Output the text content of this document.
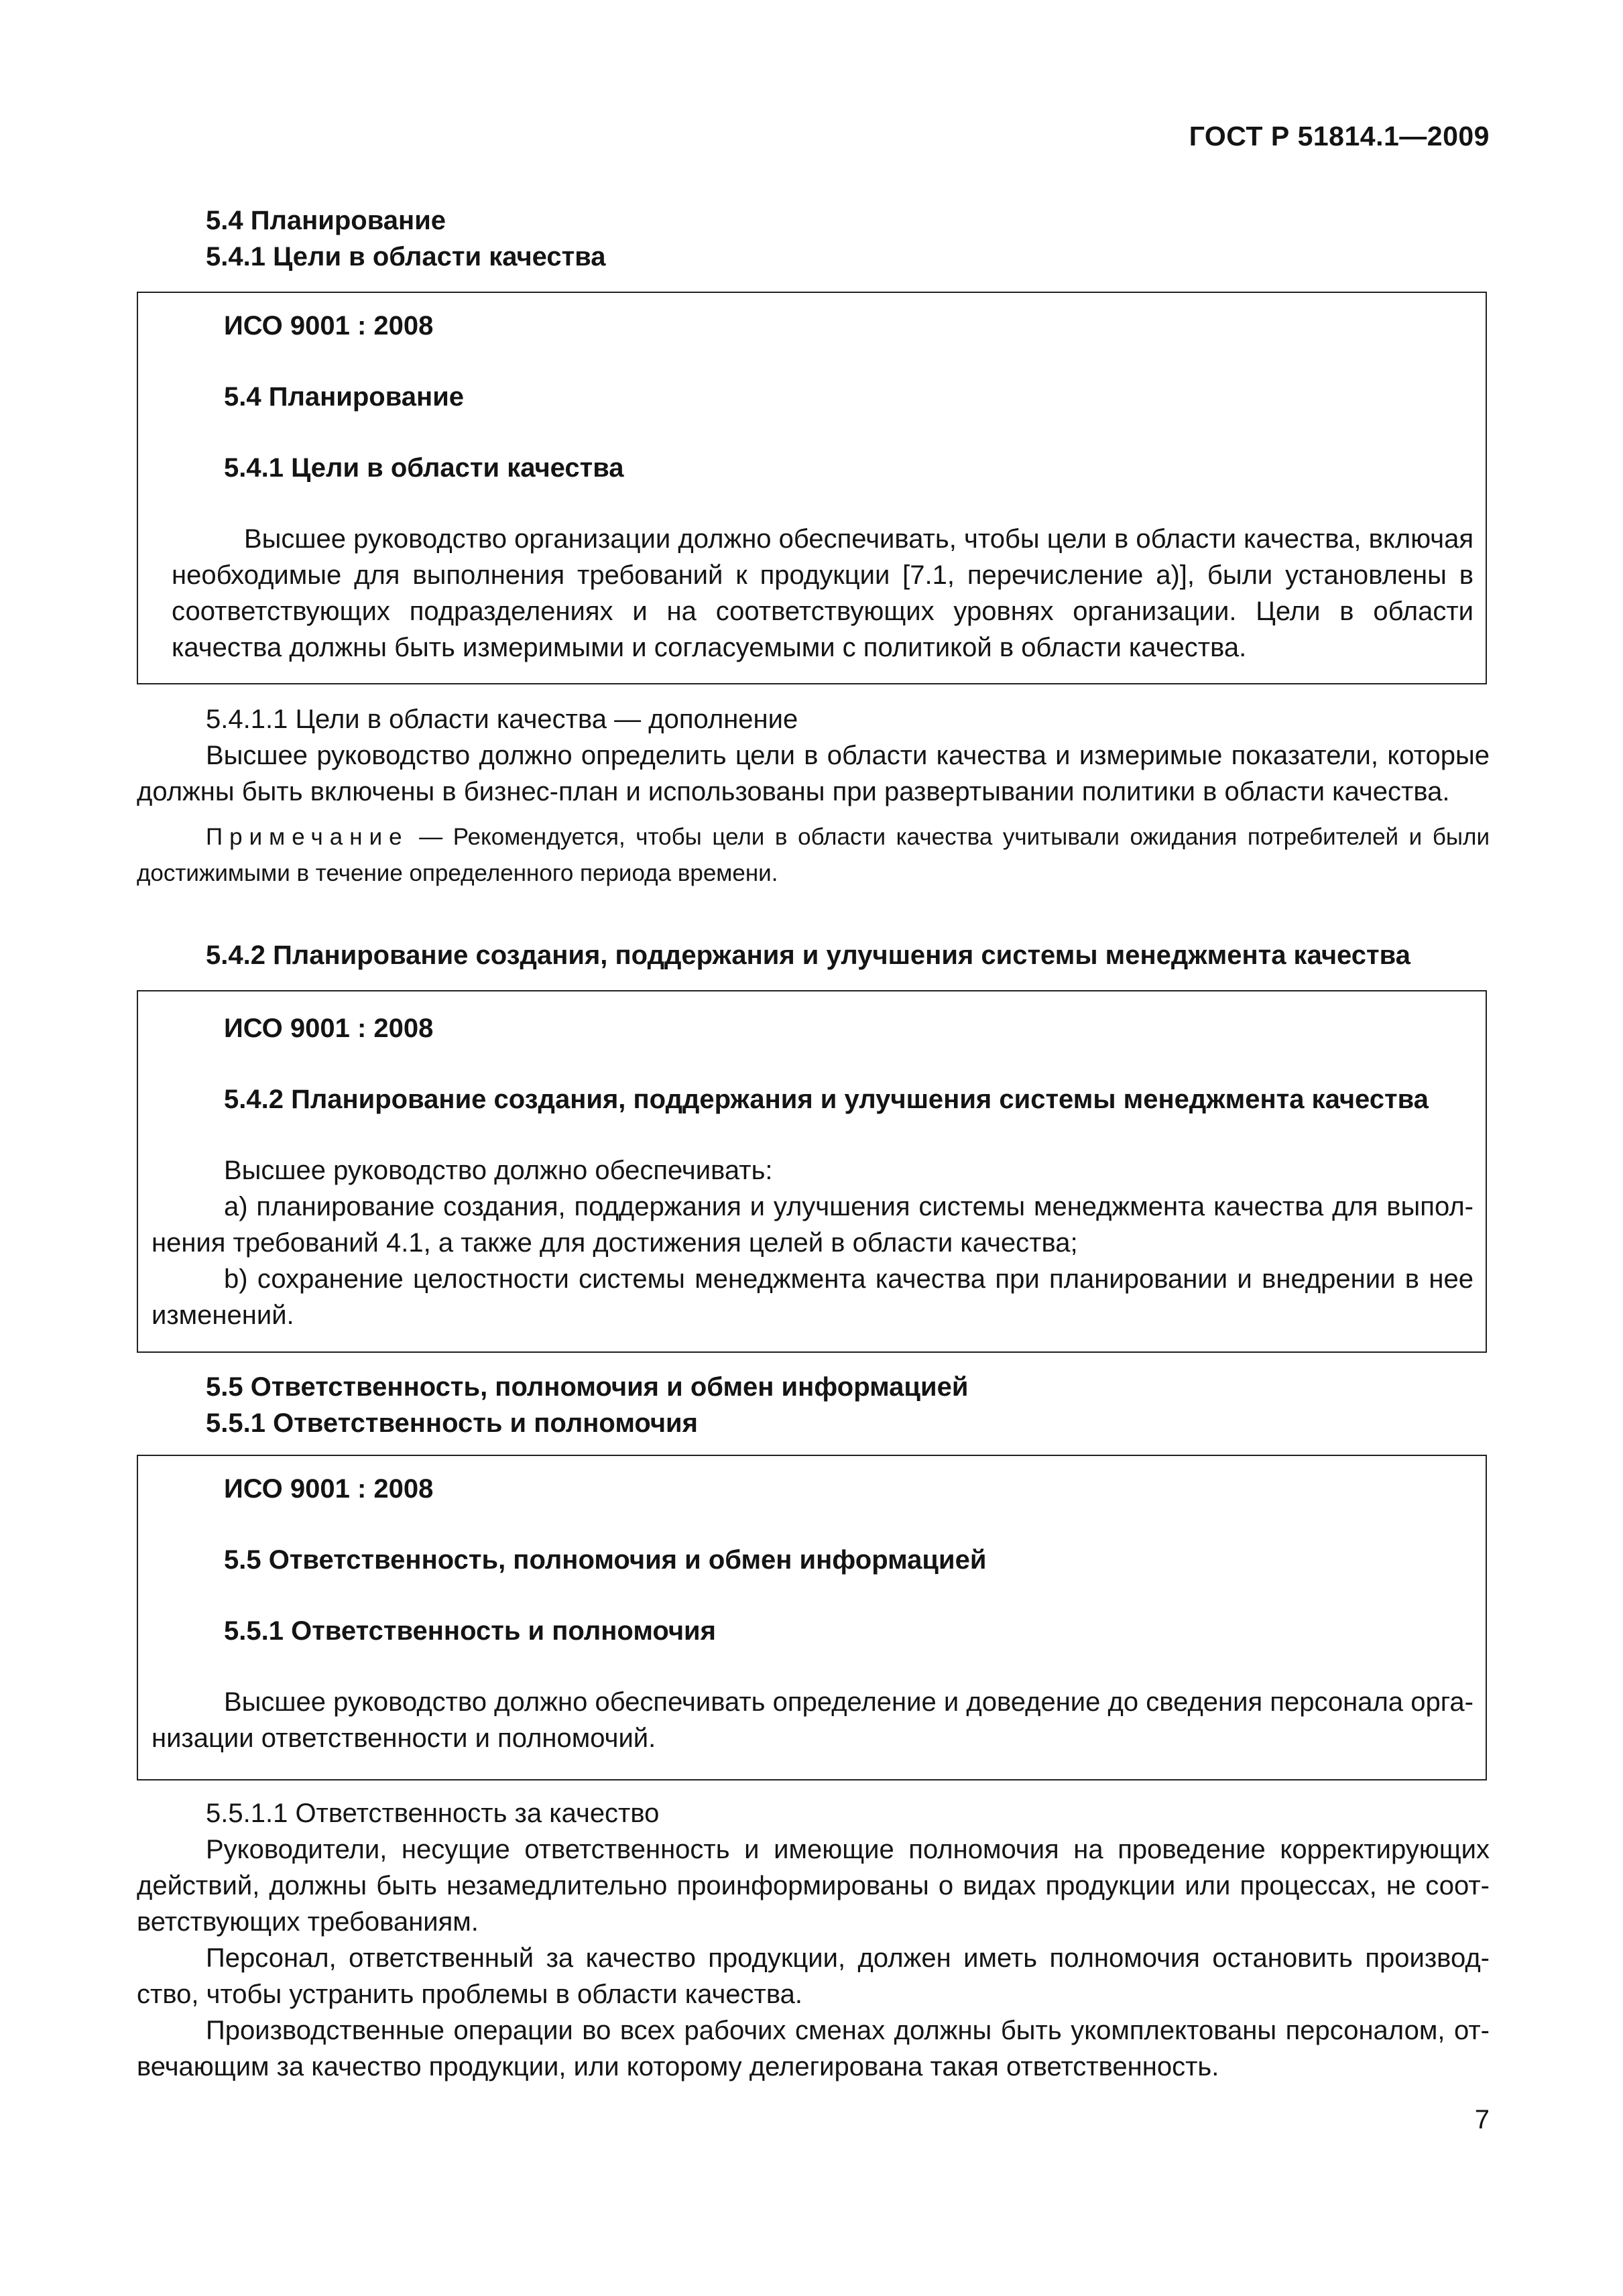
ГОСТ Р 51814.1—2009

5.4 Планирование

5.4.1 Цели в области качества

ИСО 9001 : 2008

5.4 Планирование

5.4.1 Цели в области качества

Высшее руководство организации должно обеспечивать, чтобы цели в области качества, включая необходимые для выполнения требований к продукции [7.1, перечисление а)], были установлены в соответствующих подразделениях и на соответствующих уровнях организации. Цели в области качества должны быть измеримыми и согласуемыми с политикой в области качества.

5.4.1.1 Цели в области качества — дополнение

Высшее руководство должно определить цели в области качества и измеримые показатели, которые должны быть включены в бизнес-план и использованы при развертывании политики в области качества.

Примечание — Рекомендуется, чтобы цели в области качества учитывали ожидания потребителей и были достижимыми в течение определенного периода времени.

5.4.2 Планирование создания, поддержания и улучшения системы менеджмента качества

ИСО 9001 : 2008

5.4.2 Планирование создания, поддержания и улучшения системы менеджмента качества

Высшее руководство должно обеспечивать:

a) планирование создания, поддержания и улучшения системы менеджмента качества для выполнения требований 4.1, а также для достижения целей в области качества;

b) сохранение целостности системы менеджмента качества при планировании и внедрении в нее изменений.

5.5 Ответственность, полномочия и обмен информацией

5.5.1 Ответственность и полномочия

ИСО 9001 : 2008

5.5 Ответственность, полномочия и обмен информацией

5.5.1 Ответственность и полномочия

Высшее руководство должно обеспечивать определение и доведение до сведения персонала организации ответственности и полномочий.

5.5.1.1 Ответственность за качество

Руководители, несущие ответственность и имеющие полномочия на проведение корректирующих действий, должны быть незамедлительно проинформированы о видах продукции или процессах, не соответствующих требованиям.

Персонал, ответственный за качество продукции, должен иметь полномочия остановить производство, чтобы устранить проблемы в области качества.

Производственные операции во всех рабочих сменах должны быть укомплектованы персоналом, отвечающим за качество продукции, или которому делегирована такая ответственность.

7
